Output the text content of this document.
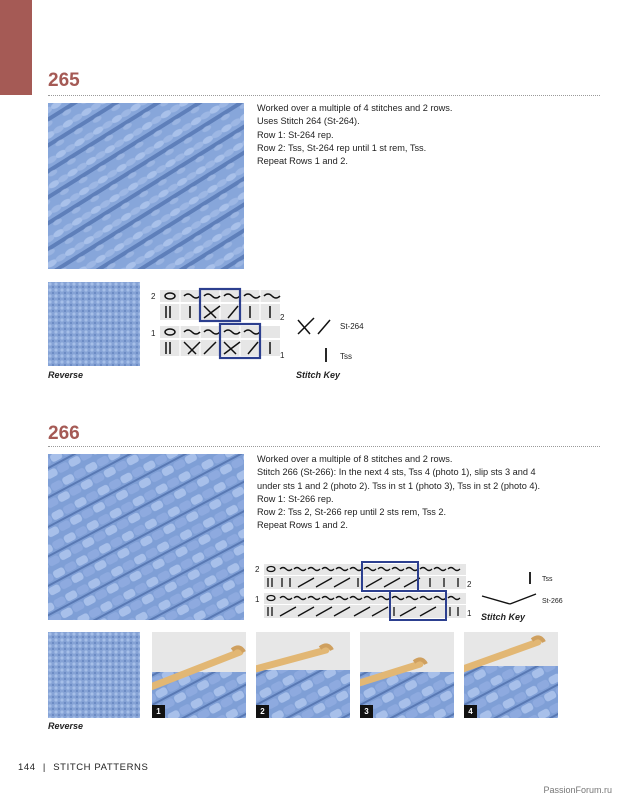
265

Worked over a multiple of 4 stitches and 2 rows.

Uses Stitch 264 (St-264).

Row 1: St-264 rep.

Row 2: Tss, St-264 rep until 1 st rem, Tss.

Repeat Rows 1 and 2.

Reverse
2
1
2
1
St-264
Tss
Stitch Key
266

Worked over a multiple of 8 stitches and 2 rows.

Stitch 266 (St-266): In the next 4 sts, Tss 4 (photo 1), slip sts 3 and 4

under sts 1 and 2 (photo 2). Tss in st 1 (photo 3), Tss in st 2 (photo 4).

Row 1: St-266 rep.

Row 2: Tss 2, St-266 rep until 2 sts rem, Tss 2.

Repeat Rows 1 and 2.

2
2
1
1
Tss
St-266
Stitch Key
Reverse
1	2	3	4
144 | STITCH PATTERNS
PassionForum.ru
